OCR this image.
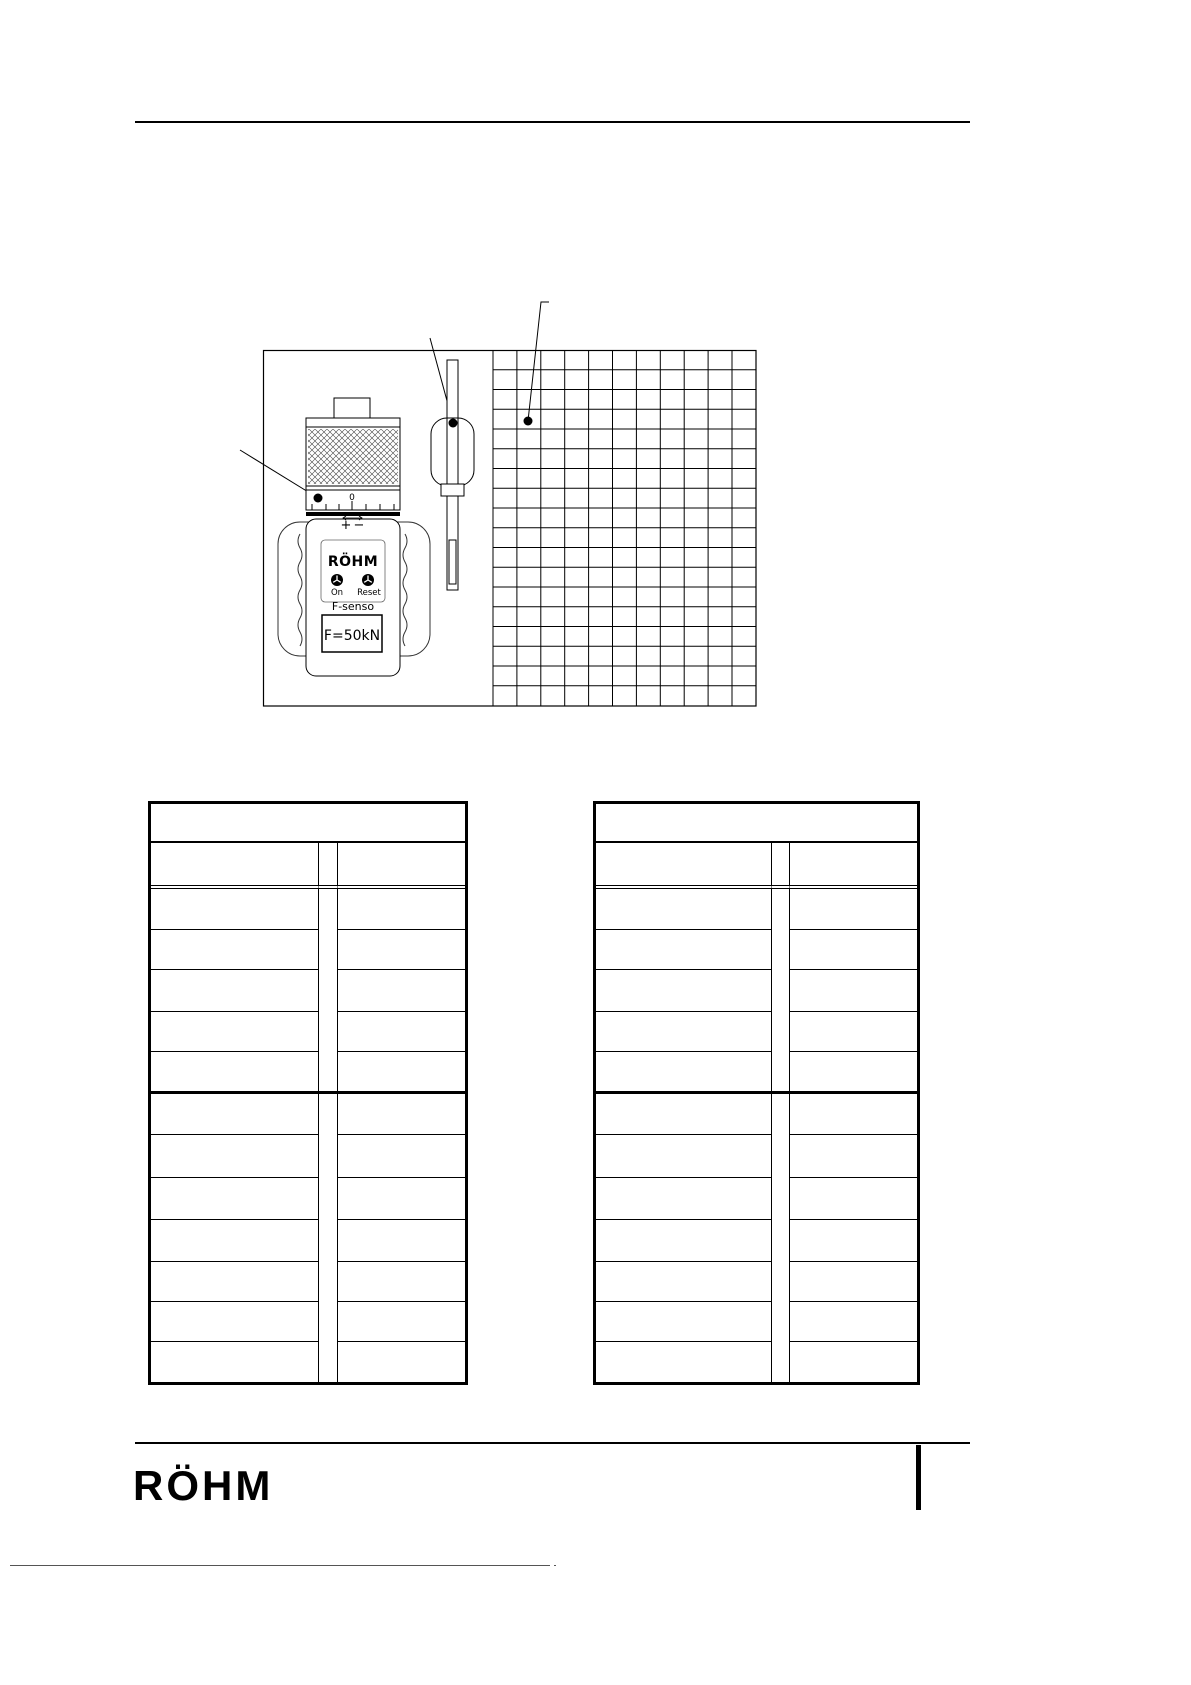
0
+ −
RÖHM
On Reset
F-senso
F=50kN
RÖHM
